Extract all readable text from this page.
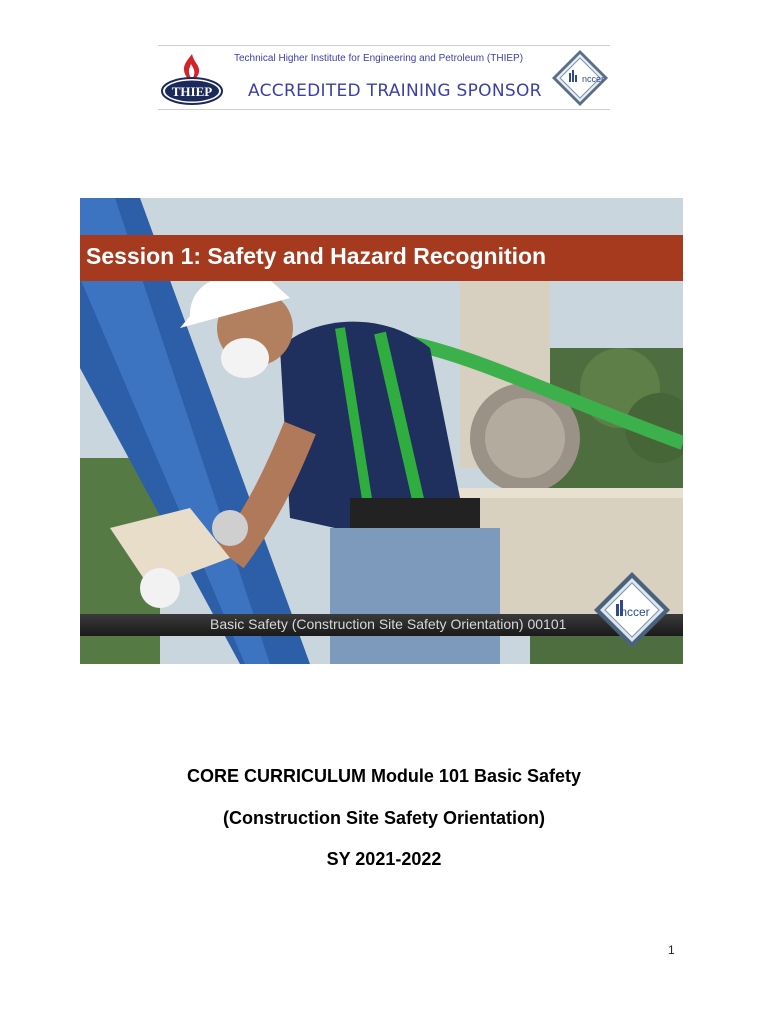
THIEP
Technical Higher Institute for Engineering and Petroleum (THIEP)
ACCREDITED TRAINING SPONSOR
nccer
Session 1: Safety and Hazard Recognition
Basic Safety (Construction Site Safety Orientation) 00101
nccer
CORE CURRICULUM Module 101 Basic Safety
(Construction Site Safety Orientation)
SY 2021-2022
1
